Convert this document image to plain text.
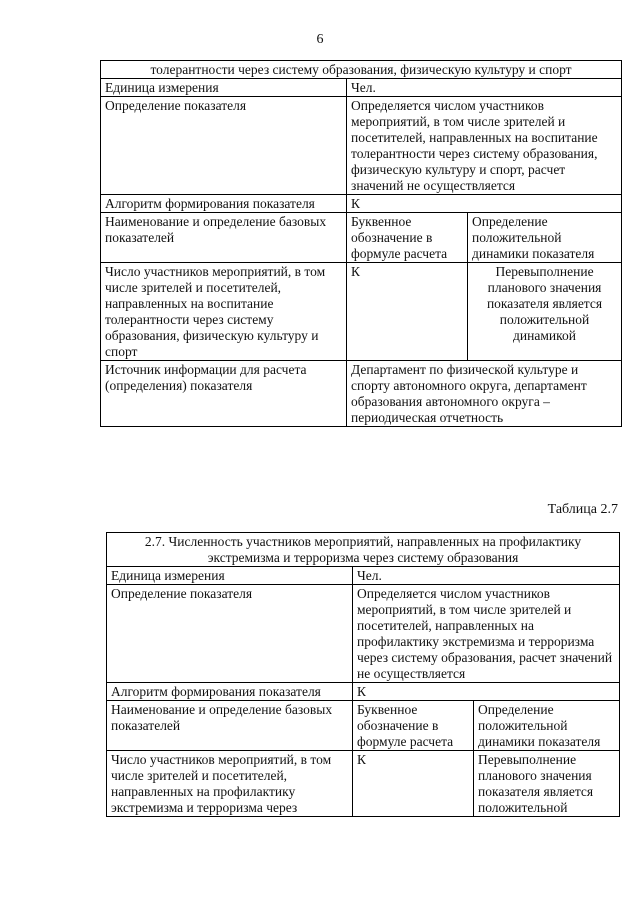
6
толерантности через систему образования, физическую культуру и спорт		
Единица измерения	Чел.	
Определение показателя	Определяется числом участников мероприятий, в том числе зрителей и посетителей, направленных на воспитание толерантности через систему образования, физическую культуру и спорт, расчет значений не осуществляется	
Алгоритм формирования показателя	К	
Наименование и определение базовых показателей	Буквенное обозначение в формуле расчета	Определение положительной динамики показателя
Число участников мероприятий, в том числе зрителей и посетителей, направленных на воспитание толерантности через систему образования, физическую культуру и спорт	К	Перевыполнение планового значения показателя является положительной динамикой
Источник информации для расчета (определения) показателя	Департамент по физической культуре и спорту автономного округа, департамент образования автономного округа – периодическая отчетность	
Таблица 2.7
2.7. Численность участников мероприятий, направленных на профилактику экстремизма и терроризма через систему образования		
Единица измерения	Чел.	
Определение показателя	Определяется числом участников мероприятий, в том числе зрителей и посетителей, направленных на профилактику экстремизма и терроризма через систему образования, расчет значений не осуществляется	
Алгоритм формирования показателя	К	
Наименование и определение базовых показателей	Буквенное обозначение в формуле расчета	Определение положительной динамики показателя
Число участников мероприятий, в том числе зрителей и посетителей, направленных на профилактику экстремизма и терроризма через	К	Перевыполнение планового значения показателя является положительной
